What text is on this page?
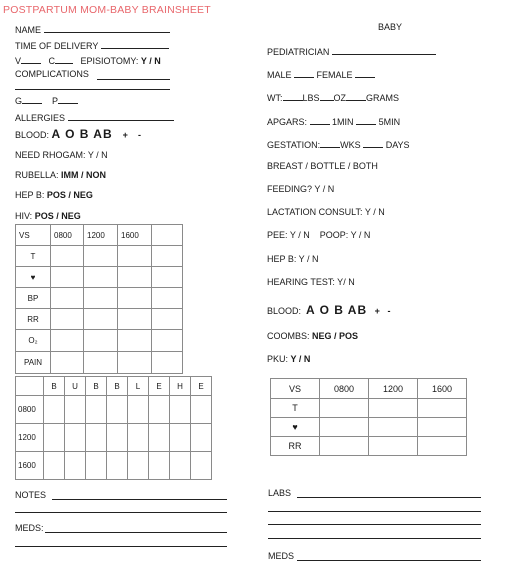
POSTPARTUM MOM-BABY BRAINSHEET
BABY
NAME
TIME OF DELIVERY
V	C	EPISIOTOMY: Y / N
COMPLICATIONS
G	P
ALLERGIES
BLOOD: A O B AB + -
NEED RHOGAM: Y / N
RUBELLA: IMM / NON
HEP B: POS / NEG
HIV: POS / NEG
VS	0800	1200	1600	
T				
♥				
BP				
RR				
O₂				
PAIN				
	B	U	B	B	L	E	H	E
0800								
1200								
1600								
NOTES
MEDS:
PEDIATRICIAN
MALE	FEMALE
WT: LBS OZ GRAMS
APGARS:	1MIN	5MIN
GESTATION: WKS	DAYS
BREAST / BOTTLE / BOTH
FEEDING? Y / N
LACTATION CONSULT: Y / N
PEE: Y / N POOP: Y / N
HEP B: Y / N
HEARING TEST: Y/ N
BLOOD: A O B AB + -
COOMBS: NEG / POS
PKU: Y / N
VS	0800	1200	1600
T			
♥			
RR			
LABS
MEDS
